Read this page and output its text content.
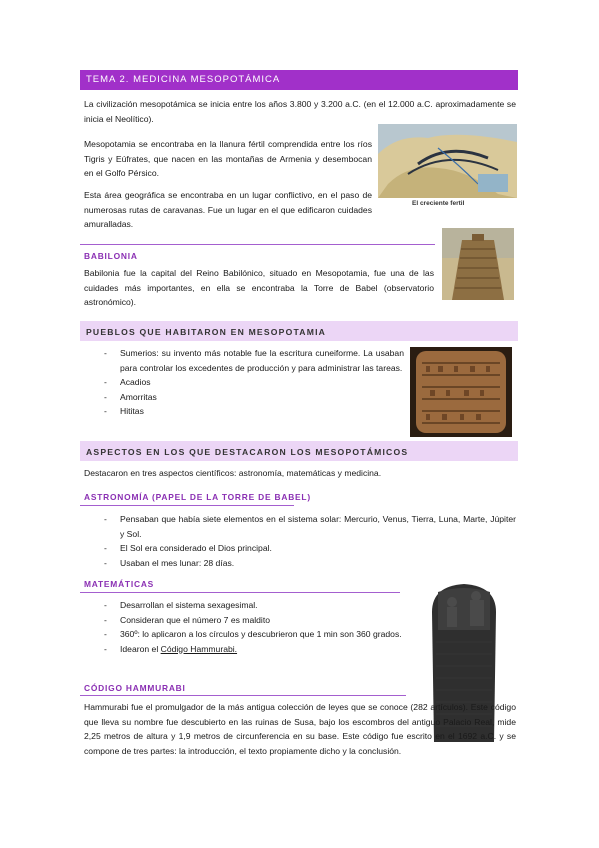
TEMA 2. MEDICINA MESOPOTÁMICA

La civilización mesopotámica se inicia entre los años 3.800 y 3.200 a.C. (en el 12.000 a.C. aproximadamente se inicia el Neolítico).

Mesopotamia se encontraba en la llanura fértil comprendida entre los ríos Tigris y Eúfrates, que nacen en las montañas de Armenia y desembocan en el Golfo Pérsico.

Esta área geográfica se encontraba en un lugar conflictivo, en el paso de numerosas rutas de caravanas. Fue un lugar en el que edificaron cuidades amuralladas.

El creciente fertil
BABILONIA

Babilonia fue la capital del Reino Babilónico, situado en Mesopotamia, fue una de las cuidades más importantes, en ella se encontraba la Torre de Babel (observatorio astronómico).

PUEBLOS QUE HABITARON EN MESOPOTAMIA
- Sumerios: su invento más notable fue la escritura cuneiforme. La usaban para controlar los excedentes de producción y para administrar las tareas.
- Acadios
- Amorritas
- Hititas
ASPECTOS EN LOS QUE DESTACARON LOS MESOPOTÁMICOS

Destacaron en tres aspectos científicos: astronomía, matemáticas y medicina.

ASTRONOMÍA (PAPEL DE LA TORRE DE BABEL)
- Pensaban que había siete elementos en el sistema solar: Mercurio, Venus, Tierra, Luna, Marte, Júpiter y Sol.
- El Sol era considerado el Dios principal.
- Usaban el mes lunar: 28 días.
MATEMÁTICAS
- Desarrollan el sistema sexagesimal.
- Consideran que el número 7 es maldito
- 360º: lo aplicaron a los círculos y descubrieron que 1 min son 360 grados.
- Idearon el Código Hammurabi.
CÓDIGO HAMMURABI

Hammurabi fue el promulgador de la más antigua colección de leyes que se conoce (282 artículos). Este código que lleva su nombre fue descubierto en las ruinas de Susa, bajo los escombros del antiguo Palacio Real, mide 2,25 metros de altura y 1,9 metros de circunferencia en su base. Este código fue escrito en el 1692 a.C. y se compone de tres partes: la introducción, el texto propiamente dicho y la conclusión.
